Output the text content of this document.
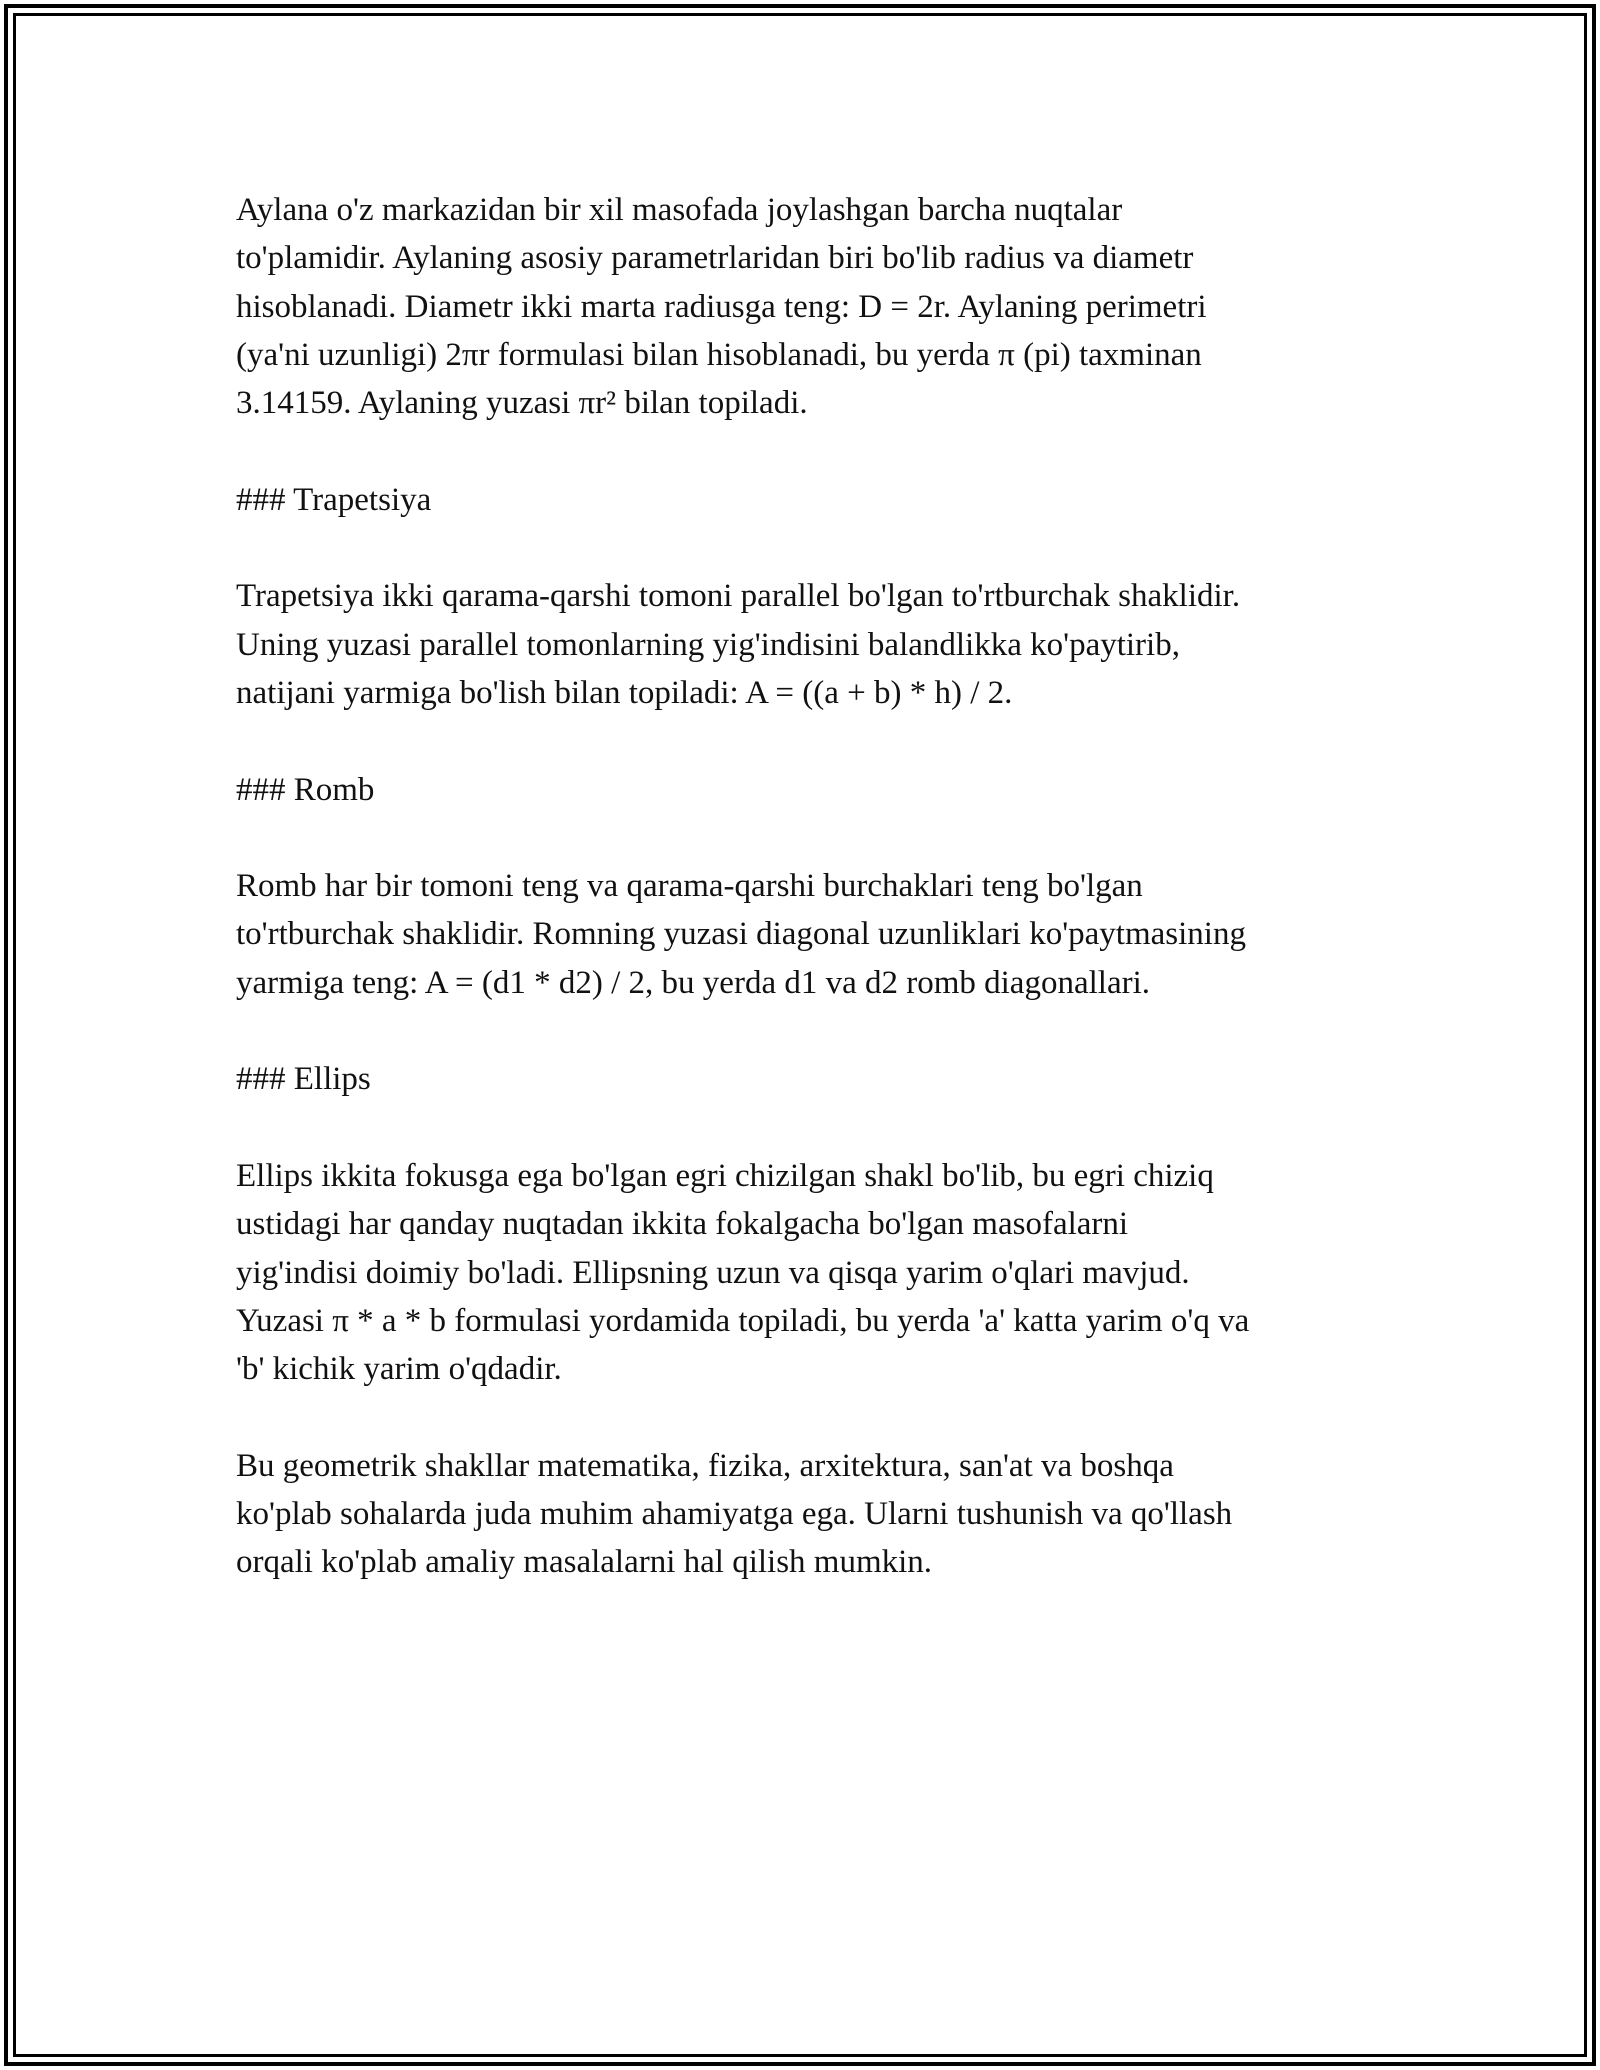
Aylana o'z markazidan bir xil masofada joylashgan barcha nuqtalar
to'plamidir. Aylaning asosiy parametrlaridan biri bo'lib radius va diametr
hisoblanadi. Diametr ikki marta radiusga teng: D = 2r. Aylaning perimetri
(ya'ni uzunligi) 2πr formulasi bilan hisoblanadi, bu yerda π (pi) taxminan
3.14159. Aylaning yuzasi πr² bilan topiladi.

### Trapetsiya

Trapetsiya ikki qarama-qarshi tomoni parallel bo'lgan to'rtburchak shaklidir.
Uning yuzasi parallel tomonlarning yig'indisini balandlikka ko'paytirib,
natijani yarmiga bo'lish bilan topiladi: A = ((a + b) * h) / 2.

### Romb

Romb har bir tomoni teng va qarama-qarshi burchaklari teng bo'lgan
to'rtburchak shaklidir. Romning yuzasi diagonal uzunliklari ko'paytmasining
yarmiga teng: A = (d1 * d2) / 2, bu yerda d1 va d2 romb diagonallari.

### Ellips

Ellips ikkita fokusga ega bo'lgan egri chizilgan shakl bo'lib, bu egri chiziq
ustidagi har qanday nuqtadan ikkita fokalgacha bo'lgan masofalarni
yig'indisi doimiy bo'ladi. Ellipsning uzun va qisqa yarim o'qlari mavjud.
Yuzasi π * a * b formulasi yordamida topiladi, bu yerda 'a' katta yarim o'q va
'b' kichik yarim o'qdadir.

Bu geometrik shakllar matematika, fizika, arxitektura, san'at va boshqa
ko'plab sohalarda juda muhim ahamiyatga ega. Ularni tushunish va qo'llash
orqali ko'plab amaliy masalalarni hal qilish mumkin.
